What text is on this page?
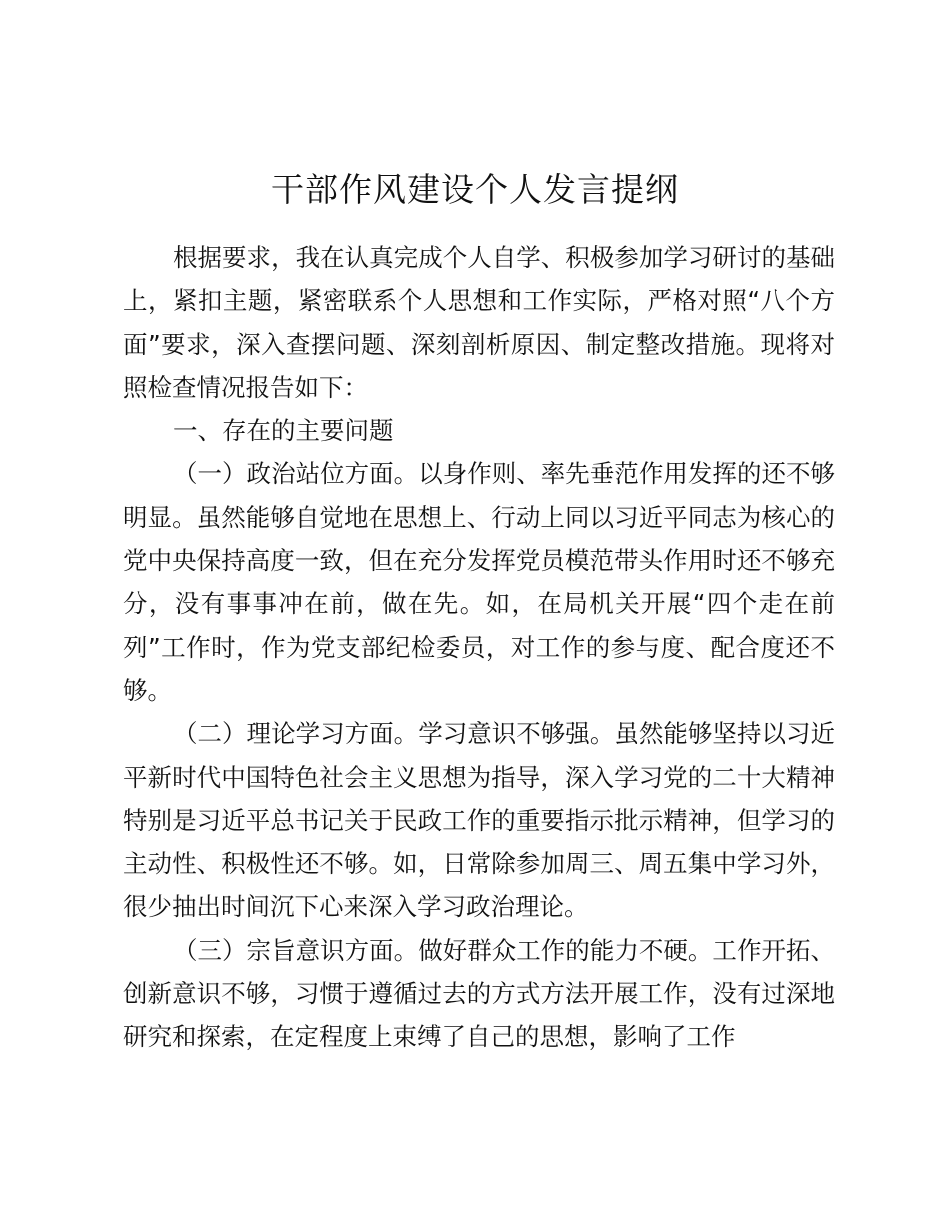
干部作风建设个人发言提纲

根据要求，我在认真完成个人自学、积极参加学习研讨的基础上，紧扣主题，紧密联系个人思想和工作实际，严格对照“八个方面”要求，深入查摆问题、深刻剖析原因、制定整改措施。现将对照检查情况报告如下：

一、存在的主要问题

（一）政治站位方面。以身作则、率先垂范作用发挥的还不够明显。虽然能够自觉地在思想上、行动上同以习近平同志为核心的党中央保持高度一致，但在充分发挥党员模范带头作用时还不够充分，没有事事冲在前，做在先。如，在局机关开展“四个走在前列”工作时，作为党支部纪检委员，对工作的参与度、配合度还不够。

（二）理论学习方面。学习意识不够强。虽然能够坚持以习近平新时代中国特色社会主义思想为指导，深入学习党的二十大精神特别是习近平总书记关于民政工作的重要指示批示精神，但学习的主动性、积极性还不够。如，日常除参加周三、周五集中学习外，很少抽出时间沉下心来深入学习政治理论。

（三）宗旨意识方面。做好群众工作的能力不硬。工作开拓、创新意识不够，习惯于遵循过去的方式方法开展工作，没有过深地研究和探索，在定程度上束缚了自己的思想，影响了工作
